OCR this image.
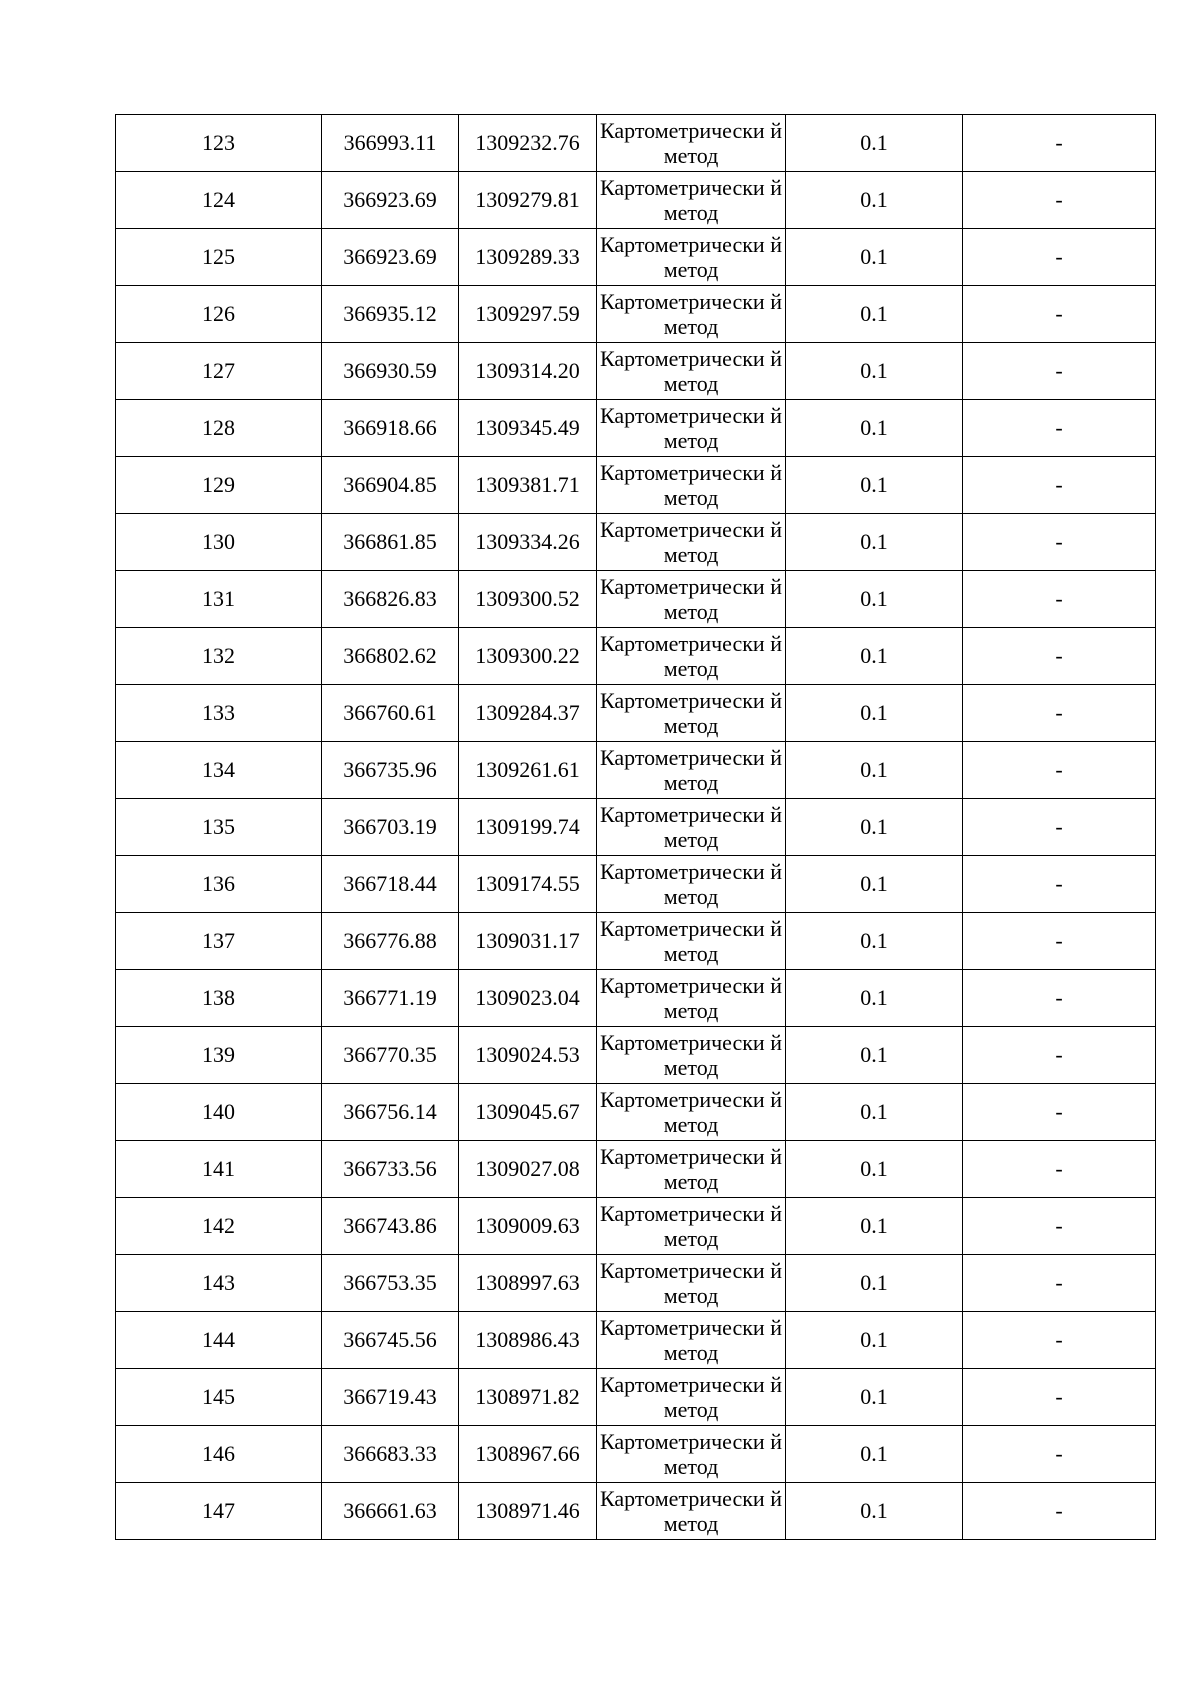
123	366993.11	1309232.76	Картометрически й метод	0.1	-
124	366923.69	1309279.81	Картометрически й метод	0.1	-
125	366923.69	1309289.33	Картометрически й метод	0.1	-
126	366935.12	1309297.59	Картометрически й метод	0.1	-
127	366930.59	1309314.20	Картометрически й метод	0.1	-
128	366918.66	1309345.49	Картометрически й метод	0.1	-
129	366904.85	1309381.71	Картометрически й метод	0.1	-
130	366861.85	1309334.26	Картометрически й метод	0.1	-
131	366826.83	1309300.52	Картометрически й метод	0.1	-
132	366802.62	1309300.22	Картометрически й метод	0.1	-
133	366760.61	1309284.37	Картометрически й метод	0.1	-
134	366735.96	1309261.61	Картометрически й метод	0.1	-
135	366703.19	1309199.74	Картометрически й метод	0.1	-
136	366718.44	1309174.55	Картометрически й метод	0.1	-
137	366776.88	1309031.17	Картометрически й метод	0.1	-
138	366771.19	1309023.04	Картометрически й метод	0.1	-
139	366770.35	1309024.53	Картометрически й метод	0.1	-
140	366756.14	1309045.67	Картометрически й метод	0.1	-
141	366733.56	1309027.08	Картометрически й метод	0.1	-
142	366743.86	1309009.63	Картометрически й метод	0.1	-
143	366753.35	1308997.63	Картометрически й метод	0.1	-
144	366745.56	1308986.43	Картометрически й метод	0.1	-
145	366719.43	1308971.82	Картометрически й метод	0.1	-
146	366683.33	1308967.66	Картометрически й метод	0.1	-
147	366661.63	1308971.46	Картометрически й метод	0.1	-
